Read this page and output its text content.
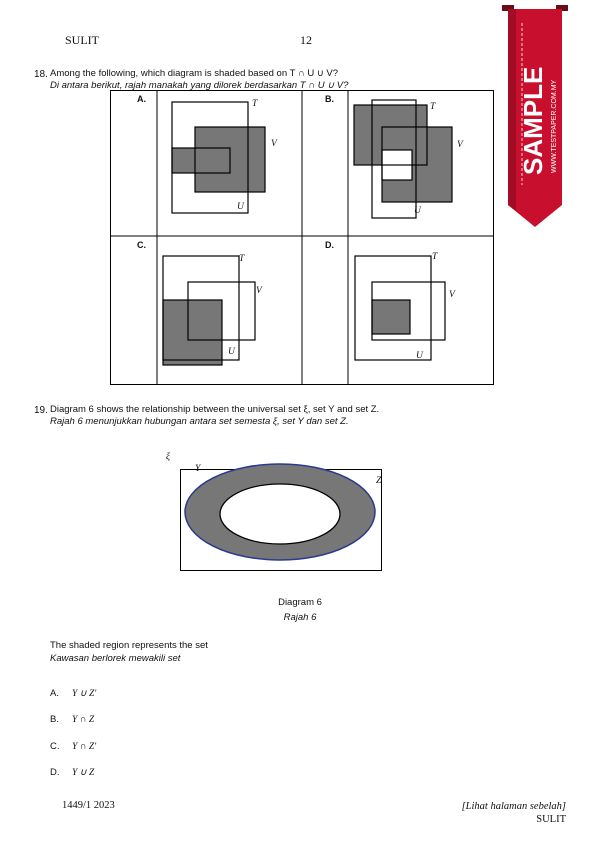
SULIT	12
18. Among the following, which diagram is shaded based on T ∩ U ∪ V?
Di antara berikut, rajah manakah yang dilorek berdasarkan T ∩ U ∪ V?
A.	B.
C.	D.
T
V
U
T
V
U
T
V
U
T
V
U
19. Diagram 6 shows the relationship between the universal set ξ, set Y and set Z.
Rajah 6 menunjukkan hubungan antara set semesta ξ, set Y dan set Z.
ξ
Y
Z
Diagram 6
Rajah 6
The shaded region represents the set
Kawasan berlorek mewakili set
A. Y ∪ Z′
B. Y ∩ Z
C. Y ∩ Z′
D. Y ∪ Z
1449/1 2023	[Lihat halaman sebelah]
SULIT
SAMPLE WWW.TESTPAPER.COM.MY
